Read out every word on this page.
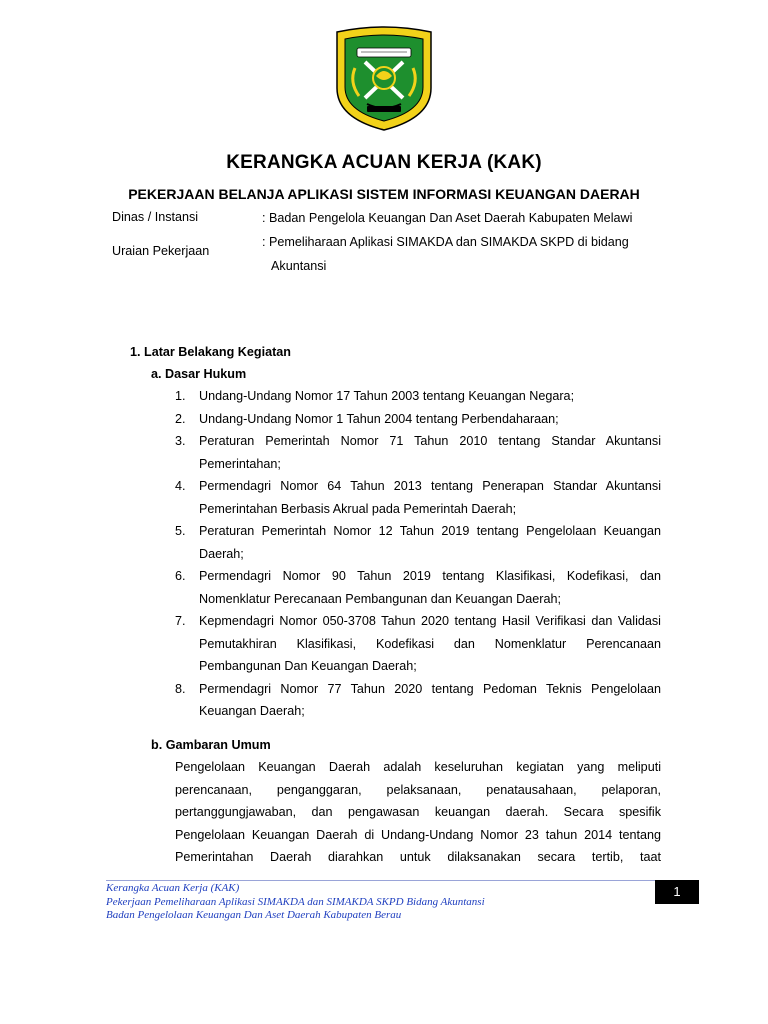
KERANGKA ACUAN KERJA (KAK)
PEKERJAAN BELANJA APLIKASI SISTEM INFORMASI KEUANGAN DAERAH
Dinas / Instansi	: Badan Pengelola Keuangan Dan Aset Daerah Kabupaten Melawi
Uraian Pekerjaan
: Pemeliharaan Aplikasi SIMAKDA dan SIMAKDA SKPD di bidang
Akuntansi
1. Latar Belakang Kegiatan
a. Dasar Hukum
1. Undang-Undang Nomor 17 Tahun 2003 tentang Keuangan Negara;
2. Undang-Undang Nomor 1 Tahun 2004 tentang Perbendaharaan;
3. Peraturan Pemerintah Nomor 71 Tahun 2010 tentang Standar Akuntansi Pemerintahan;
4. Permendagri Nomor 64 Tahun 2013 tentang Penerapan Standar Akuntansi Pemerintahan Berbasis Akrual pada Pemerintah Daerah;
5. Peraturan Pemerintah Nomor 12 Tahun 2019 tentang Pengelolaan Keuangan Daerah;
6. Permendagri Nomor 90 Tahun 2019 tentang Klasifikasi, Kodefikasi, dan Nomenklatur Perecanaan Pembangunan dan Keuangan Daerah;
7. Kepmendagri Nomor 050-3708 Tahun 2020 tentang Hasil Verifikasi dan Validasi Pemutakhiran Klasifikasi, Kodefikasi dan Nomenklatur Perencanaan Pembangunan Dan Keuangan Daerah;
8. Permendagri Nomor 77 Tahun 2020 tentang Pedoman Teknis Pengelolaan Keuangan Daerah;
b. Gambaran Umum
Pengelolaan Keuangan Daerah adalah keseluruhan kegiatan yang meliputi perencanaan, penganggaran, pelaksanaan, penatausahaan, pelaporan, pertanggungjawaban, dan pengawasan keuangan daerah. Secara spesifik Pengelolaan Keuangan Daerah di Undang-Undang Nomor 23 tahun 2014 tentang Pemerintahan Daerah diarahkan untuk dilaksanakan secara tertib, taat
Kerangka Acuan Kerja (KAK)
Pekerjaan Pemeliharaan Aplikasi SIMAKDA dan SIMAKDA SKPD Bidang Akuntansi
Badan Pengelolaan Keuangan Dan Aset Daerah Kabupaten Berau
1
